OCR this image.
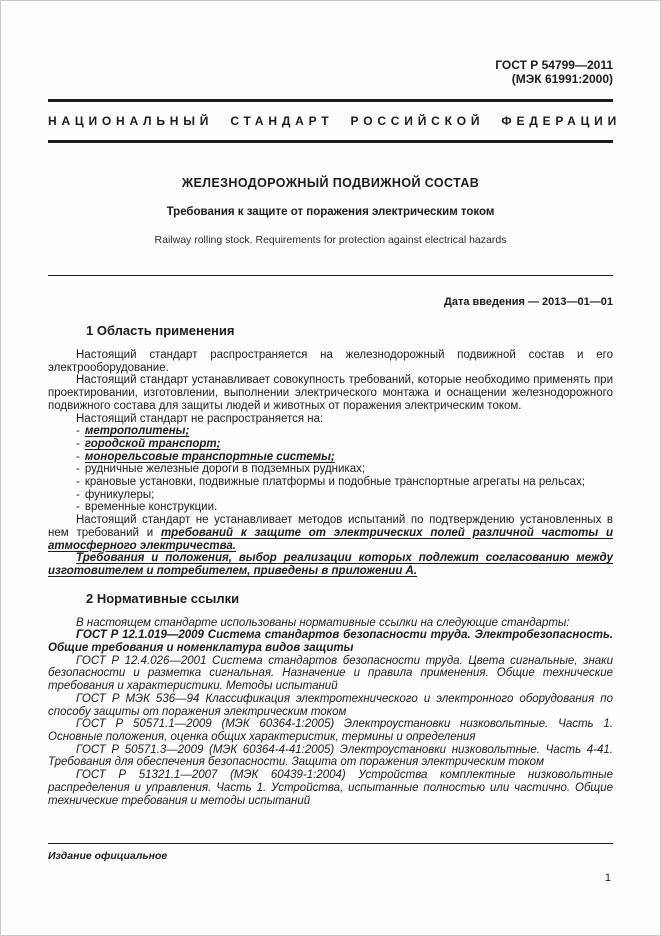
ГОСТ Р 54799—2011
(МЭК 61991:2000)
НАЦИОНАЛЬНЫЙ СТАНДАРТ РОССИЙСКОЙ ФЕДЕРАЦИИ
ЖЕЛЕЗНОДОРОЖНЫЙ ПОДВИЖНОЙ СОСТАВ
Требования к защите от поражения электрическим током
Railway rolling stock. Requirements for protection against electrical hazards
Дата введения — 2013—01—01
1 Область применения

Настоящий стандарт распространяется на железнодорожный подвижной состав и его электрооборудование.

Настоящий стандарт устанавливает совокупность требований, которые необходимо применять при проектировании, изготовлении, выполнении электрического монтажа и оснащении железнодорожного подвижного состава для защиты людей и животных от поражения электрическим током.

Настоящий стандарт не распространяется на:

- метрополитены;
- городской транспорт;
- монорельсовые транспортные системы;
- рудничные железные дороги в подземных рудниках;
- крановые установки, подвижные платформы и подобные транспортные агрегаты на рельсах;
- фуникулеры;
- временные конструкции.

Настоящий стандарт не устанавливает методов испытаний по подтверждению установленных в нем требований и требований к защите от электрических полей различной частоты и атмосферного электричества.

Требования и положения, выбор реализации которых подлежит согласованию между изготовителем и потребителем, приведены в приложении А.

2 Нормативные ссылки

В настоящем стандарте использованы нормативные ссылки на следующие стандарты:

ГОСТ Р 12.1.019—2009 Система стандартов безопасности труда. Электробезопасность. Общие требования и номенклатура видов защиты

ГОСТ Р 12.4.026—2001 Система стандартов безопасности труда. Цвета сигнальные, знаки безопасности и разметка сигнальная. Назначение и правила применения. Общие технические требования и характеристики. Методы испытаний

ГОСТ Р МЭК 536—94 Классификация электротехнического и электронного оборудования по способу защиты от поражения электрическим током

ГОСТ Р 50571.1—2009 (МЭК 60364-1:2005) Электроустановки низковольтные. Часть 1. Основные положения, оценка общих характеристик, термины и определения

ГОСТ Р 50571.3—2009 (МЭК 60364-4-41:2005) Электроустановки низковольтные. Часть 4-41. Требования для обеспечения безопасности. Защита от поражения электрическим током

ГОСТ Р 51321.1—2007 (МЭК 60439-1:2004) Устройства комплектные низковольтные распределения и управления. Часть 1. Устройства, испытанные полностью или частично. Общие технические требования и методы испытаний

Издание официальное
1
